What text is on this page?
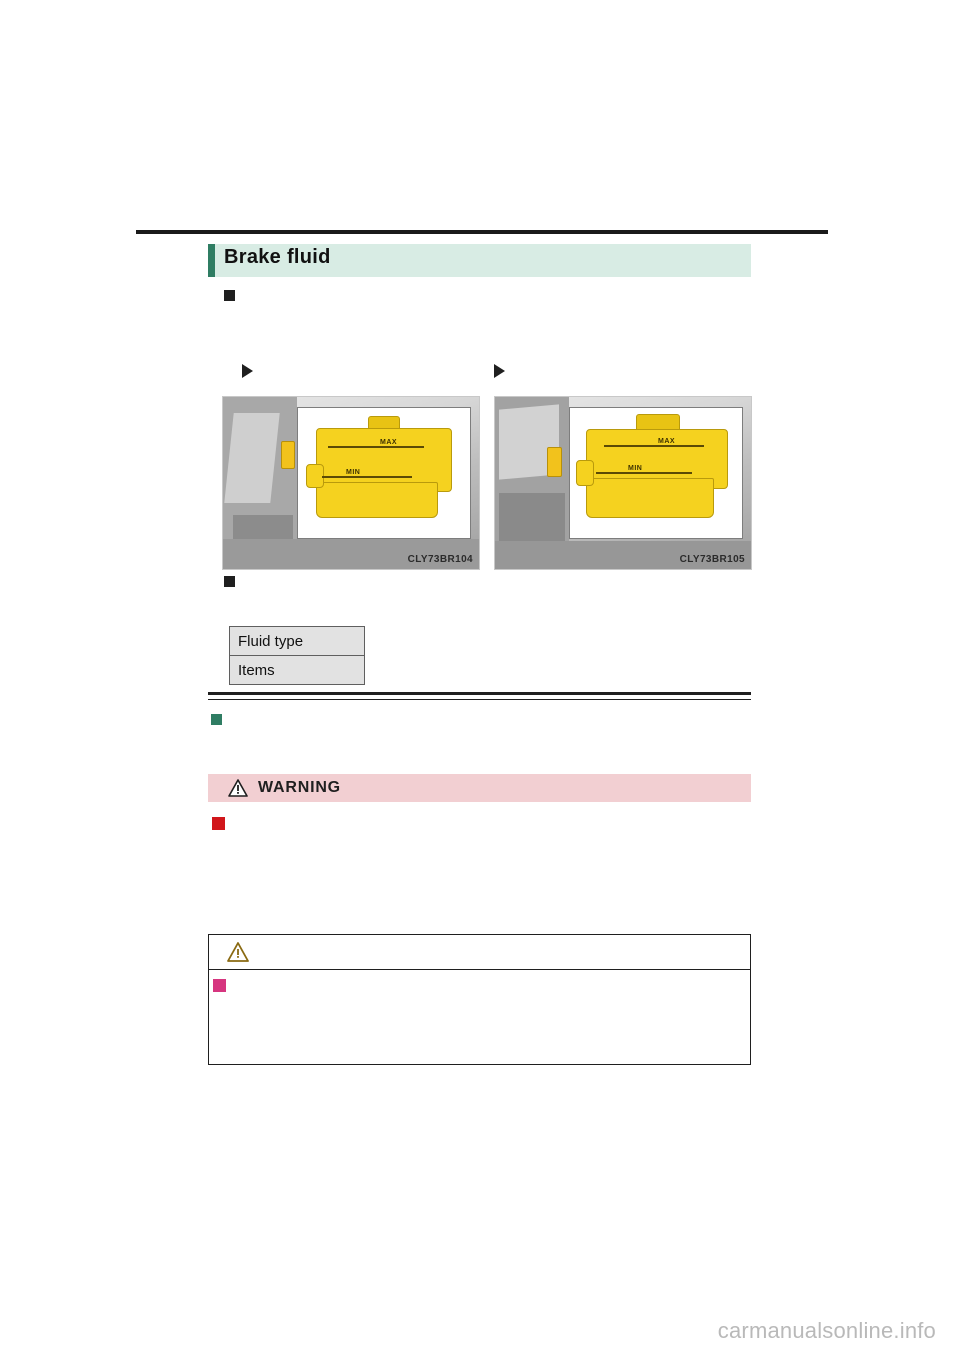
Brake fluid
MAX
MIN
CLY73BR104
MAX
MIN
CLY73BR105
Fluid type
Items
WARNING
carmanualsonline.info
